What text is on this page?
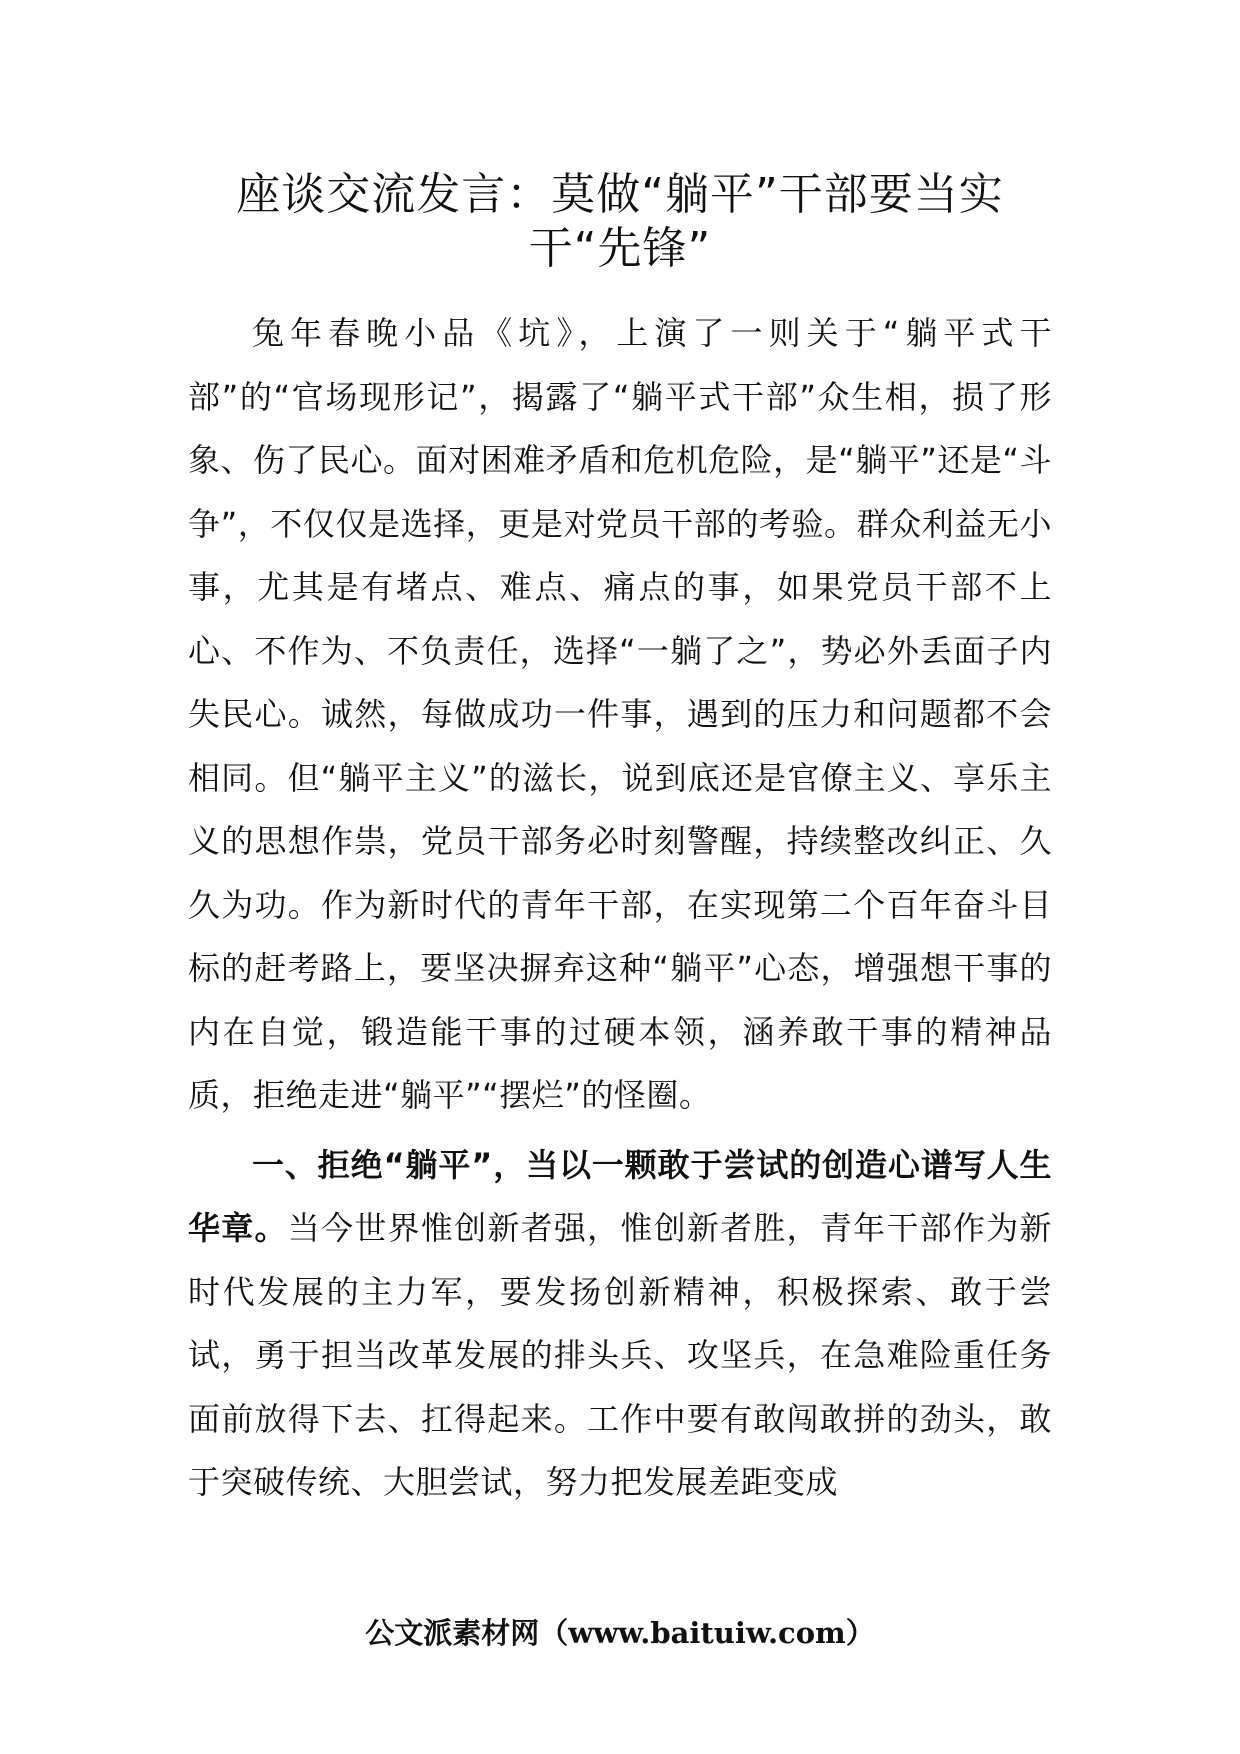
座谈交流发言：莫做“躺平”干部要当实
干“先锋”

兔年春晚小品《坑》，上演了一则关于“躺平式干部”的“官场现形记”，揭露了“躺平式干部”众生相，损了形象、伤了民心。面对困难矛盾和危机危险，是“躺平”还是“斗争”，不仅仅是选择，更是对党员干部的考验。群众利益无小事，尤其是有堵点、难点、痛点的事，如果党员干部不上心、不作为、不负责任，选择“一躺了之”，势必外丢面子内失民心。诚然，每做成功一件事，遇到的压力和问题都不会相同。但“躺平主义”的滋长，说到底还是官僚主义、享乐主义的思想作祟，党员干部务必时刻警醒，持续整改纠正、久久为功。作为新时代的青年干部，在实现第二个百年奋斗目标的赶考路上，要坚决摒弃这种“躺平”心态，增强想干事的内在自觉，锻造能干事的过硬本领，涵养敢干事的精神品质，拒绝走进“躺平”“摆烂”的怪圈。

一、拒绝“躺平”，当以一颗敢于尝试的创造心谱写人生华章。当今世界惟创新者强，惟创新者胜，青年干部作为新时代发展的主力军，要发扬创新精神，积极探索、敢于尝试，勇于担当改革发展的排头兵、攻坚兵，在急难险重任务面前放得下去、扛得起来。工作中要有敢闯敢拼的劲头，敢于突破传统、大胆尝试，努力把发展差距变成

公文派素材网（www.baituiw.com）
